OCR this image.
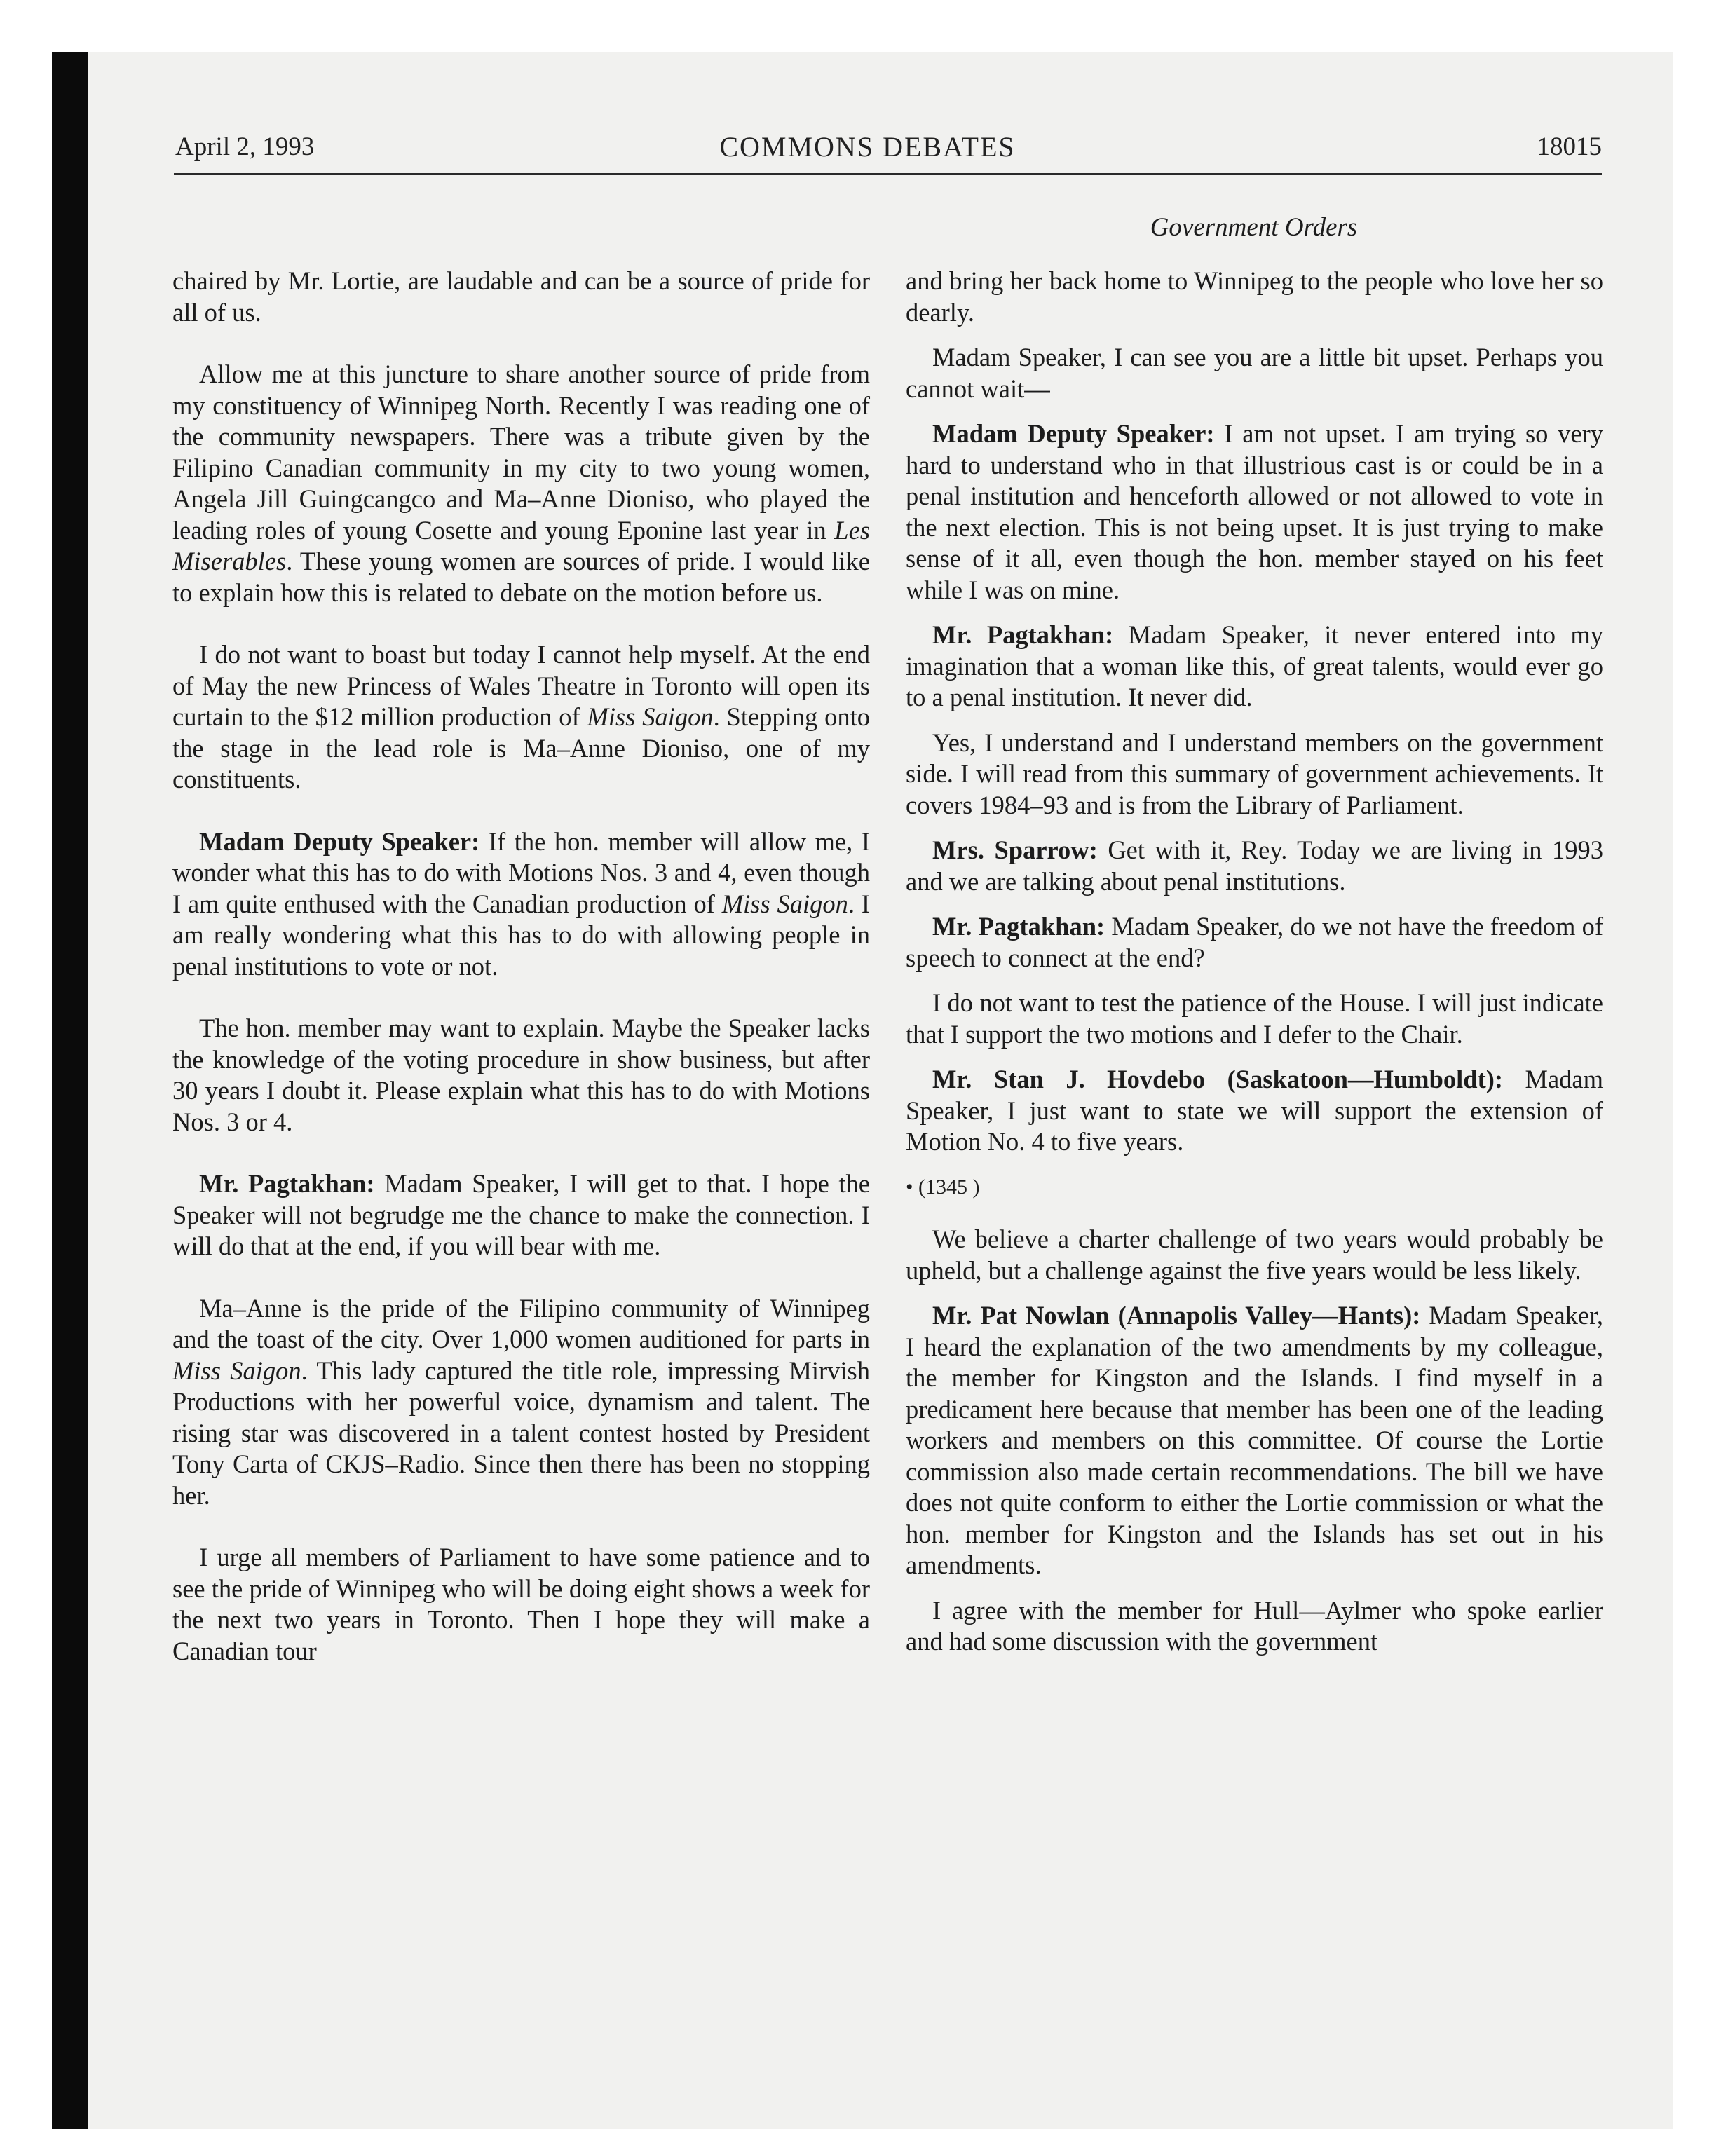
April 2, 1993	COMMONS DEBATES	18015
Government Orders

chaired by Mr. Lortie, are laudable and can be a source of pride for all of us.

Allow me at this juncture to share another source of pride from my constituency of Winnipeg North. Recently I was reading one of the community newspapers. There was a tribute given by the Filipino Canadian community in my city to two young women, Angela Jill Guingcangco and Ma–Anne Dioniso, who played the leading roles of young Cosette and young Eponine last year in Les Miserables. These young women are sources of pride. I would like to explain how this is related to debate on the motion before us.

I do not want to boast but today I cannot help myself. At the end of May the new Princess of Wales Theatre in Toronto will open its curtain to the $12 million production of Miss Saigon. Stepping onto the stage in the lead role is Ma–Anne Dioniso, one of my constituents.

Madam Deputy Speaker: If the hon. member will allow me, I wonder what this has to do with Motions Nos. 3 and 4, even though I am quite enthused with the Canadian production of Miss Saigon. I am really wondering what this has to do with allowing people in penal institutions to vote or not.

The hon. member may want to explain. Maybe the Speaker lacks the knowledge of the voting procedure in show business, but after 30 years I doubt it. Please explain what this has to do with Motions Nos. 3 or 4.

Mr. Pagtakhan: Madam Speaker, I will get to that. I hope the Speaker will not begrudge me the chance to make the connection. I will do that at the end, if you will bear with me.

Ma–Anne is the pride of the Filipino community of Winnipeg and the toast of the city. Over 1,000 women auditioned for parts in Miss Saigon. This lady captured the title role, impressing Mirvish Productions with her powerful voice, dynamism and talent. The rising star was discovered in a talent contest hosted by President Tony Carta of CKJS–Radio. Since then there has been no stopping her.

I urge all members of Parliament to have some patience and to see the pride of Winnipeg who will be doing eight shows a week for the next two years in Toronto. Then I hope they will make a Canadian tour

and bring her back home to Winnipeg to the people who love her so dearly.

Madam Speaker, I can see you are a little bit upset. Perhaps you cannot wait—

Madam Deputy Speaker: I am not upset. I am trying so very hard to understand who in that illustrious cast is or could be in a penal institution and henceforth allowed or not allowed to vote in the next election. This is not being upset. It is just trying to make sense of it all, even though the hon. member stayed on his feet while I was on mine.

Mr. Pagtakhan: Madam Speaker, it never entered into my imagination that a woman like this, of great talents, would ever go to a penal institution. It never did.

Yes, I understand and I understand members on the government side. I will read from this summary of government achievements. It covers 1984–93 and is from the Library of Parliament.

Mrs. Sparrow: Get with it, Rey. Today we are living in 1993 and we are talking about penal institutions.

Mr. Pagtakhan: Madam Speaker, do we not have the freedom of speech to connect at the end?

I do not want to test the patience of the House. I will just indicate that I support the two motions and I defer to the Chair.

Mr. Stan J. Hovdebo (Saskatoon—Humboldt): Madam Speaker, I just want to state we will support the extension of Motion No. 4 to five years.

• (1345 )

We believe a charter challenge of two years would probably be upheld, but a challenge against the five years would be less likely.

Mr. Pat Nowlan (Annapolis Valley—Hants): Madam Speaker, I heard the explanation of the two amendments by my colleague, the member for Kingston and the Islands. I find myself in a predicament here because that member has been one of the leading workers and members on this committee. Of course the Lortie commission also made certain recommendations. The bill we have does not quite conform to either the Lortie commission or what the hon. member for Kingston and the Islands has set out in his amendments.

I agree with the member for Hull—Aylmer who spoke earlier and had some discussion with the government
